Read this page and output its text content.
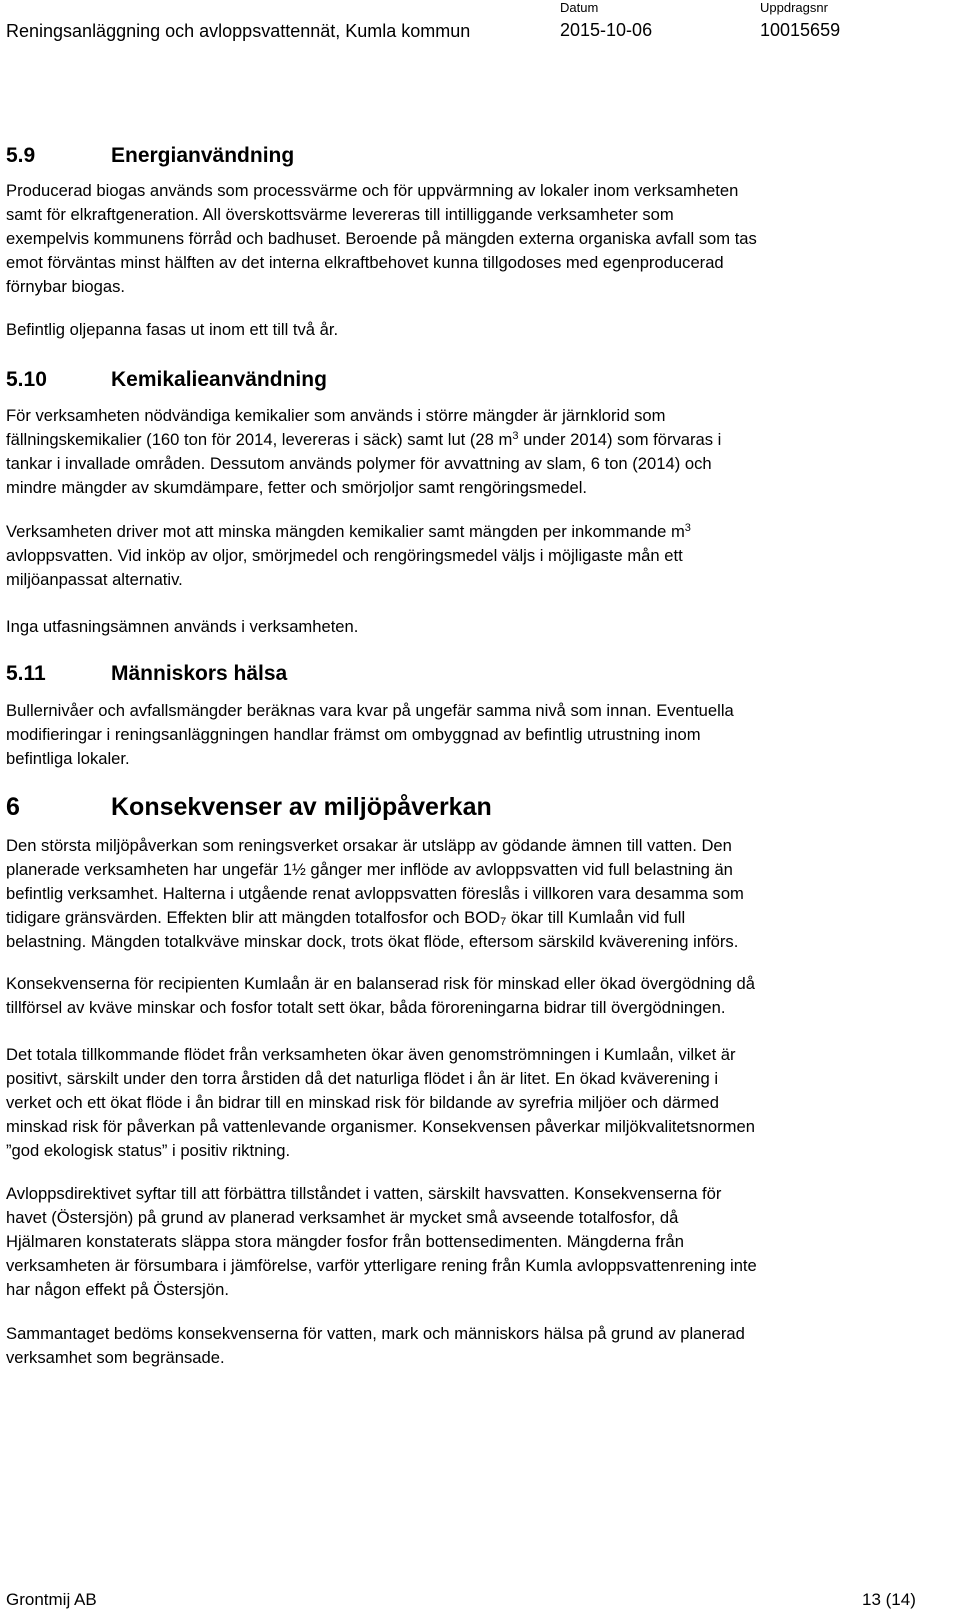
Reningsanläggning och avloppsvattennät, Kumla kommun
Datum
2015-10-06
Uppdragsnr
10015659
5.9	Energianvändning
Producerad biogas används som processvärme och för uppvärmning av lokaler inom verksamheten
samt för elkraftgeneration. All överskottsvärme levereras till intilliggande verksamheter som
exempelvis kommunens förråd och badhuset. Beroende på mängden externa organiska avfall som tas
emot förväntas minst hälften av det interna elkraftbehovet kunna tillgodoses med egenproducerad
förnybar biogas.
Befintlig oljepanna fasas ut inom ett till två år.
5.10	Kemikalieanvändning
För verksamheten nödvändiga kemikalier som används i större mängder är järnklorid som
fällningskemikalier (160 ton för 2014, levereras i säck) samt lut (28 $m^3$ under 2014) som förvaras i
tankar i invallade områden. Dessutom används polymer för avvattning av slam, 6 ton (2014) och
mindre mängder av skumdämpare, fetter och smörjoljor samt rengöringsmedel.
Verksamheten driver mot att minska mängden kemikalier samt mängden per inkommande $m^3$
avloppsvatten. Vid inköp av oljor, smörjmedel och rengöringsmedel väljs i möjligaste mån ett
miljöanpassat alternativ.
Inga utfasningsämnen används i verksamheten.
5.11	Människors hälsa
Bullernivåer och avfallsmängder beräknas vara kvar på ungefär samma nivå som innan. Eventuella
modifieringar i reningsanläggningen handlar främst om ombyggnad av befintlig utrustning inom
befintliga lokaler.
6	Konsekvenser av miljöpåverkan
Den största miljöpåverkan som reningsverket orsakar är utsläpp av gödande ämnen till vatten. Den
planerade verksamheten har ungefär 1½ gånger mer inflöde av avloppsvatten vid full belastning än
befintlig verksamhet. Halterna i utgående renat avloppsvatten föreslås i villkoren vara desamma som
tidigare gränsvärden. Effekten blir att mängden totalfosfor och $BOD_7$ ökar till Kumlaån vid full
belastning. Mängden totalkväve minskar dock, trots ökat flöde, eftersom särskild kväverening införs.
Konsekvenserna för recipienten Kumlaån är en balanserad risk för minskad eller ökad övergödning då
tillförsel av kväve minskar och fosfor totalt sett ökar, båda föroreningarna bidrar till övergödningen.
Det totala tillkommande flödet från verksamheten ökar även genomströmningen i Kumlaån, vilket är
positivt, särskilt under den torra årstiden då det naturliga flödet i ån är litet. En ökad kväverening i
verket och ett ökat flöde i ån bidrar till en minskad risk för bildande av syrefria miljöer och därmed
minskad risk för påverkan på vattenlevande organismer. Konsekvensen påverkar miljökvalitetsnormen
”god ekologisk status” i positiv riktning.
Avloppsdirektivet syftar till att förbättra tillståndet i vatten, särskilt havsvatten. Konsekvenserna för
havet (Östersjön) på grund av planerad verksamhet är mycket små avseende totalfosfor, då
Hjälmaren konstaterats släppa stora mängder fosfor från bottensedimenten. Mängderna från
verksamheten är försumbara i jämförelse, varför ytterligare rening från Kumla avloppsvattenrening inte
har någon effekt på Östersjön.
Sammantaget bedöms konsekvenserna för vatten, mark och människors hälsa på grund av planerad
verksamhet som begränsade.
Grontmij AB	13 (14)
